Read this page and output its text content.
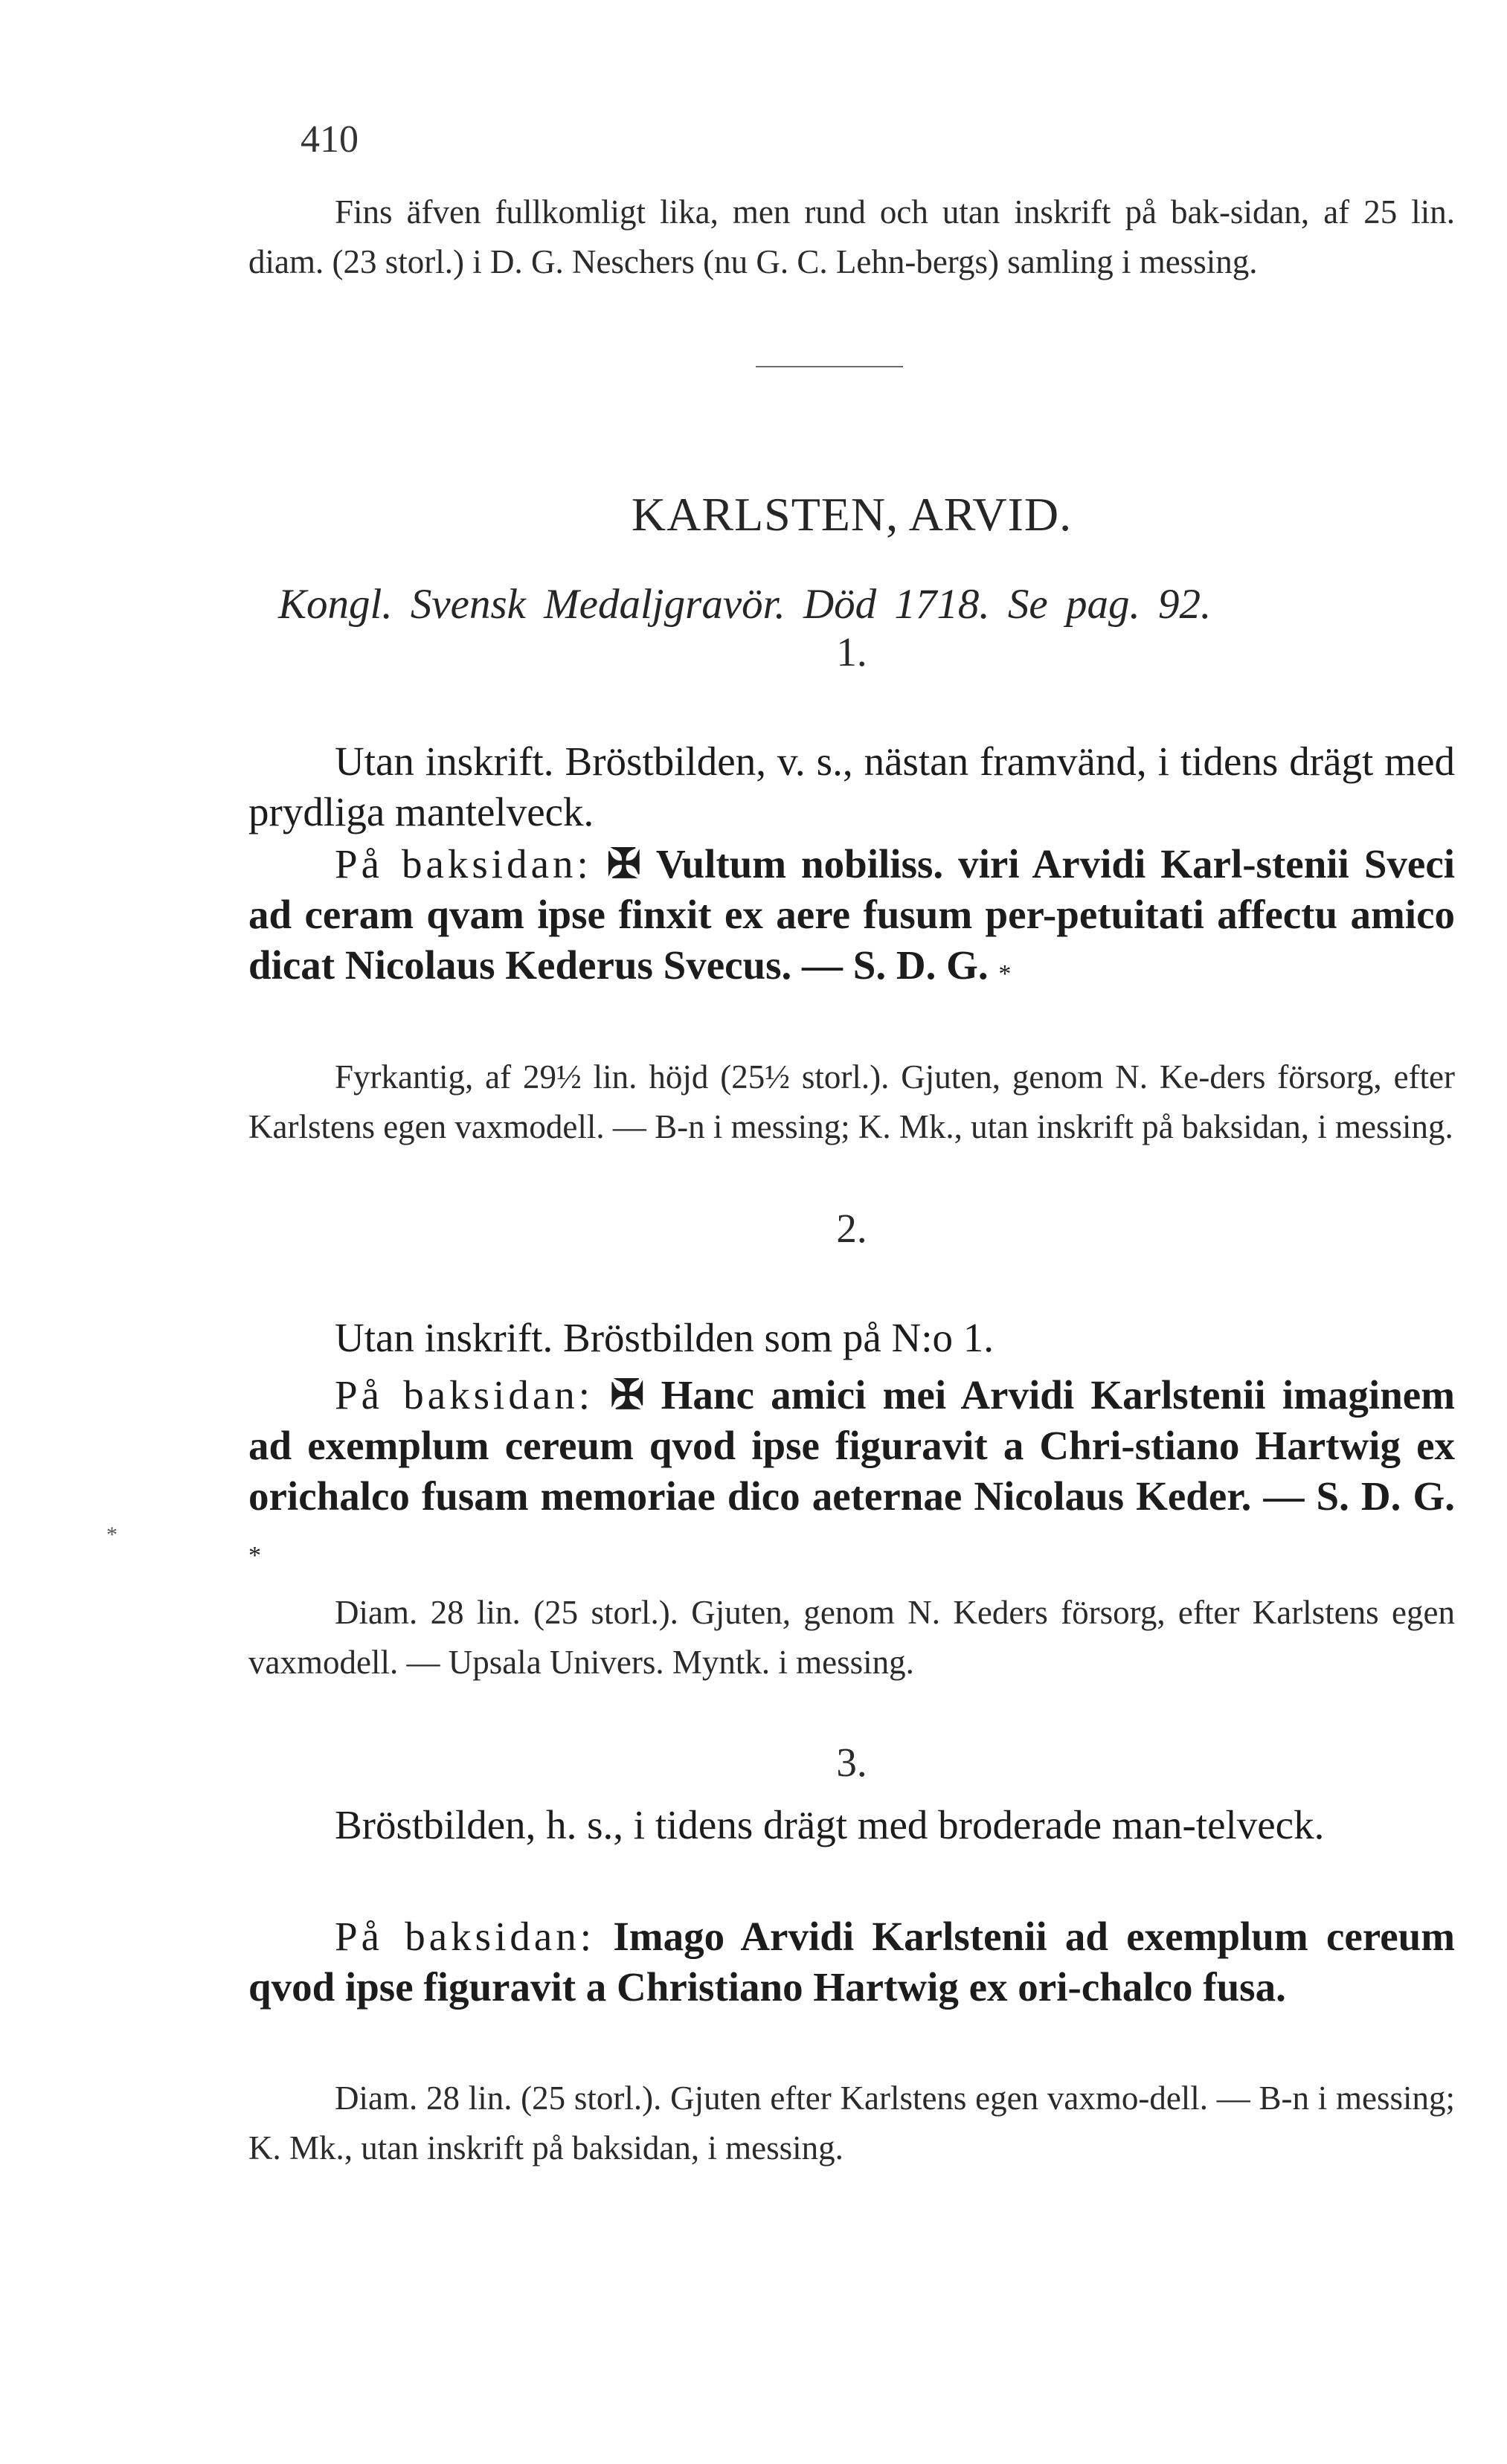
410
Fins äfven fullkomligt lika, men rund och utan inskrift på bak-sidan, af 25 lin. diam. (23 storl.) i D. G. Neschers (nu G. C. Lehn-bergs) samling i messing.
KARLSTEN, ARVID.
Kongl. Svensk Medaljgravör. Död 1718. Se pag. 92.
1.
Utan inskrift. Bröstbilden, v. s., nästan framvänd, i tidens drägt med prydliga mantelveck.
På baksidan: ✠ Vultum nobiliss. viri Arvidi Karl-stenii Sveci ad ceram qvam ipse finxit ex aere fusum per-petuitati affectu amico dicat Nicolaus Kederus Svecus. — S. D. G. *
Fyrkantig, af 29½ lin. höjd (25½ storl.). Gjuten, genom N. Ke-ders försorg, efter Karlstens egen vaxmodell. — B-n i messing; K. Mk., utan inskrift på baksidan, i messing.
2.
Utan inskrift. Bröstbilden som på N:o 1.
På baksidan: ✠ Hanc amici mei Arvidi Karlstenii imaginem ad exemplum cereum qvod ipse figuravit a Chri-stiano Hartwig ex orichalco fusam memoriae dico aeternae Nicolaus Keder. — S. D. G. *
Diam. 28 lin. (25 storl.). Gjuten, genom N. Keders försorg, efter Karlstens egen vaxmodell. — Upsala Univers. Myntk. i messing.
*
3.
Bröstbilden, h. s., i tidens drägt med broderade man-telveck.
På baksidan: Imago Arvidi Karlstenii ad exemplum cereum qvod ipse figuravit a Christiano Hartwig ex ori-chalco fusa.
Diam. 28 lin. (25 storl.). Gjuten efter Karlstens egen vaxmo-dell. — B-n i messing; K. Mk., utan inskrift på baksidan, i messing.
